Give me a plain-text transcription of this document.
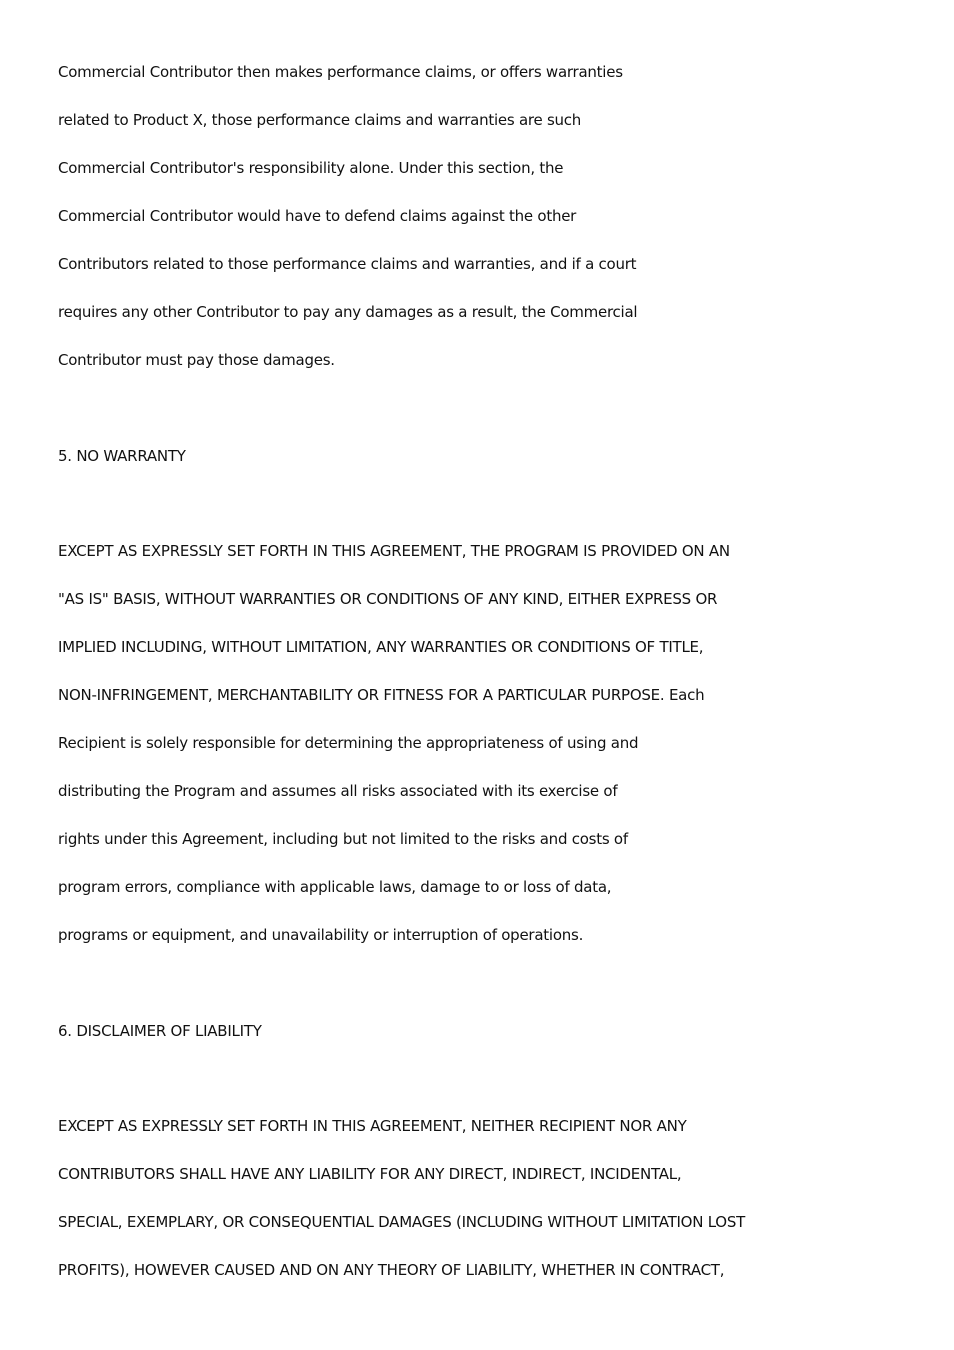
Commercial Contributor then makes performance claims, or offers warranties
related to Product X, those performance claims and warranties are such
Commercial Contributor's responsibility alone. Under this section, the
Commercial Contributor would have to defend claims against the other
Contributors related to those performance claims and warranties, and if a court
requires any other Contributor to pay any damages as a result, the Commercial
Contributor must pay those damages.
5. NO WARRANTY
EXCEPT AS EXPRESSLY SET FORTH IN THIS AGREEMENT, THE PROGRAM IS PROVIDED ON AN
"AS IS" BASIS, WITHOUT WARRANTIES OR CONDITIONS OF ANY KIND, EITHER EXPRESS OR
IMPLIED INCLUDING, WITHOUT LIMITATION, ANY WARRANTIES OR CONDITIONS OF TITLE,
NON-INFRINGEMENT, MERCHANTABILITY OR FITNESS FOR A PARTICULAR PURPOSE. Each
Recipient is solely responsible for determining the appropriateness of using and
distributing the Program and assumes all risks associated with its exercise of
rights under this Agreement, including but not limited to the risks and costs of
program errors, compliance with applicable laws, damage to or loss of data,
programs or equipment, and unavailability or interruption of operations.
6. DISCLAIMER OF LIABILITY
EXCEPT AS EXPRESSLY SET FORTH IN THIS AGREEMENT, NEITHER RECIPIENT NOR ANY
CONTRIBUTORS SHALL HAVE ANY LIABILITY FOR ANY DIRECT, INDIRECT, INCIDENTAL,
SPECIAL, EXEMPLARY, OR CONSEQUENTIAL DAMAGES (INCLUDING WITHOUT LIMITATION LOST
PROFITS), HOWEVER CAUSED AND ON ANY THEORY OF LIABILITY, WHETHER IN CONTRACT,
